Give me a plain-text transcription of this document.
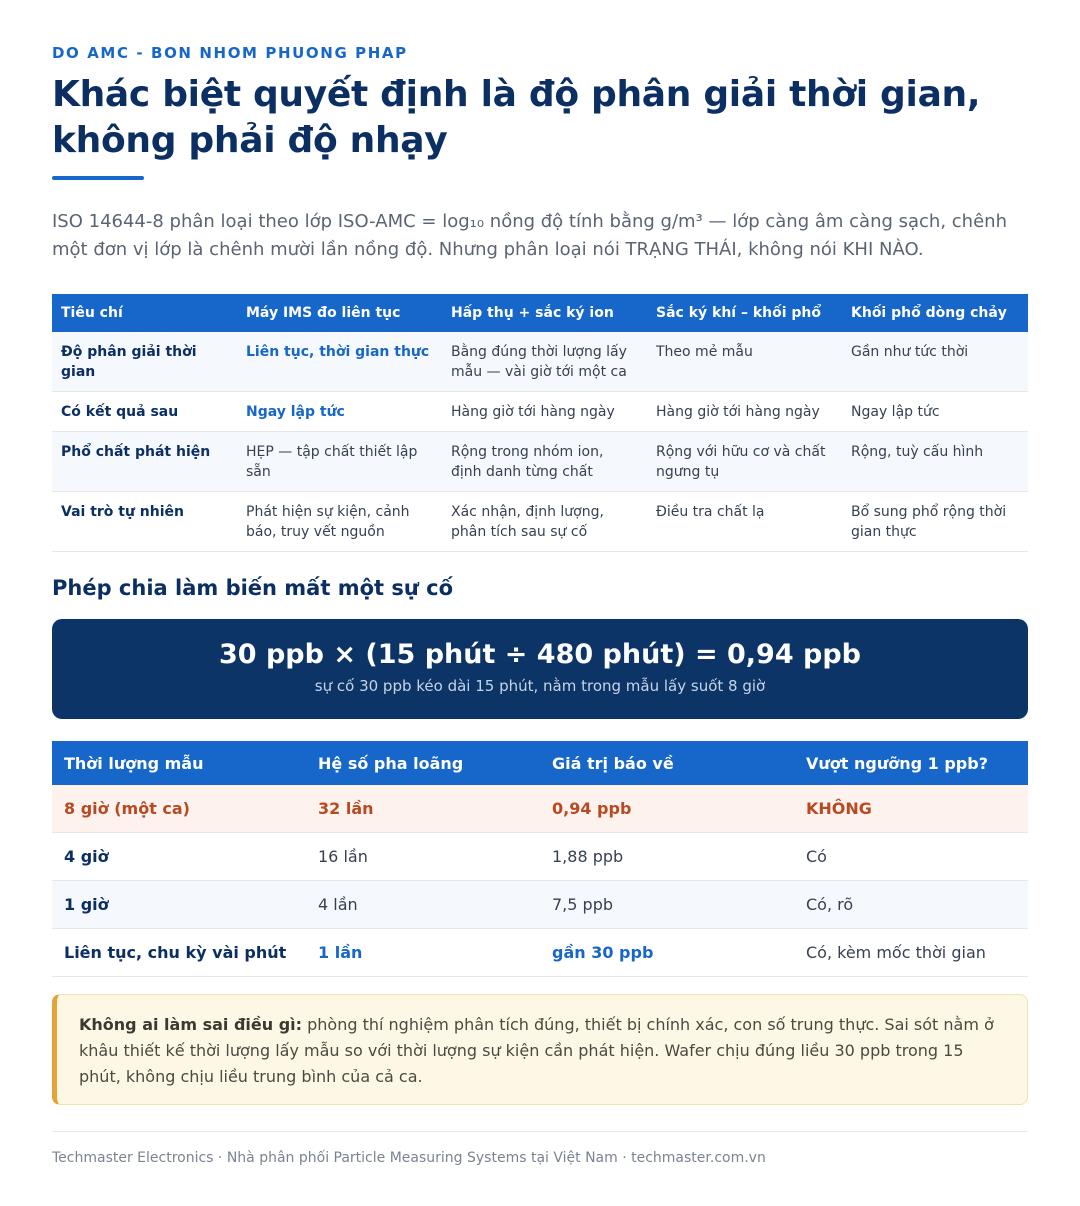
DO AMC - BON NHOM PHUONG PHAP
Khác biệt quyết định là độ phân giải thời gian, không phải độ nhạy

ISO 14644-8 phân loại theo lớp ISO-AMC = log₁₀ nồng độ tính bằng g/m³ — lớp càng âm càng sạch, chênh một đơn vị lớp là chênh mười lần nồng độ. Nhưng phân loại nói TRẠNG THÁI, không nói KHI NÀO.

Tiêu chí	Máy IMS đo liên tục	Hấp thụ + sắc ký ion	Sắc ký khí – khối phổ	Khối phổ dòng chảy
Độ phân giải thời gian	Liên tục, thời gian thực	Bằng đúng thời lượng lấy mẫu — vài giờ tới một ca	Theo mẻ mẫu	Gần như tức thời
Có kết quả sau	Ngay lập tức	Hàng giờ tới hàng ngày	Hàng giờ tới hàng ngày	Ngay lập tức
Phổ chất phát hiện	HẸP — tập chất thiết lập sẵn	Rộng trong nhóm ion, định danh từng chất	Rộng với hữu cơ và chất ngưng tụ	Rộng, tuỳ cấu hình
Vai trò tự nhiên	Phát hiện sự kiện, cảnh báo, truy vết nguồn	Xác nhận, định lượng, phân tích sau sự cố	Điều tra chất lạ	Bổ sung phổ rộng thời gian thực
Phép chia làm biến mất một sự cố
30 ppb × (15 phút ÷ 480 phút) = 0,94 ppb
sự cố 30 ppb kéo dài 15 phút, nằm trong mẫu lấy suốt 8 giờ
Thời lượng mẫu	Hệ số pha loãng	Giá trị báo về	Vượt ngưỡng 1 ppb?
8 giờ (một ca)	32 lần	0,94 ppb	KHÔNG
4 giờ	16 lần	1,88 ppb	Có
1 giờ	4 lần	7,5 ppb	Có, rõ
Liên tục, chu kỳ vài phút	1 lần	gần 30 ppb	Có, kèm mốc thời gian
Không ai làm sai điều gì: phòng thí nghiệm phân tích đúng, thiết bị chính xác, con số trung thực. Sai sót nằm ở khâu thiết kế thời lượng lấy mẫu so với thời lượng sự kiện cần phát hiện. Wafer chịu đúng liều 30 ppb trong 15 phút, không chịu liều trung bình của cả ca.
Techmaster Electronics · Nhà phân phối Particle Measuring Systems tại Việt Nam · techmaster.com.vn
